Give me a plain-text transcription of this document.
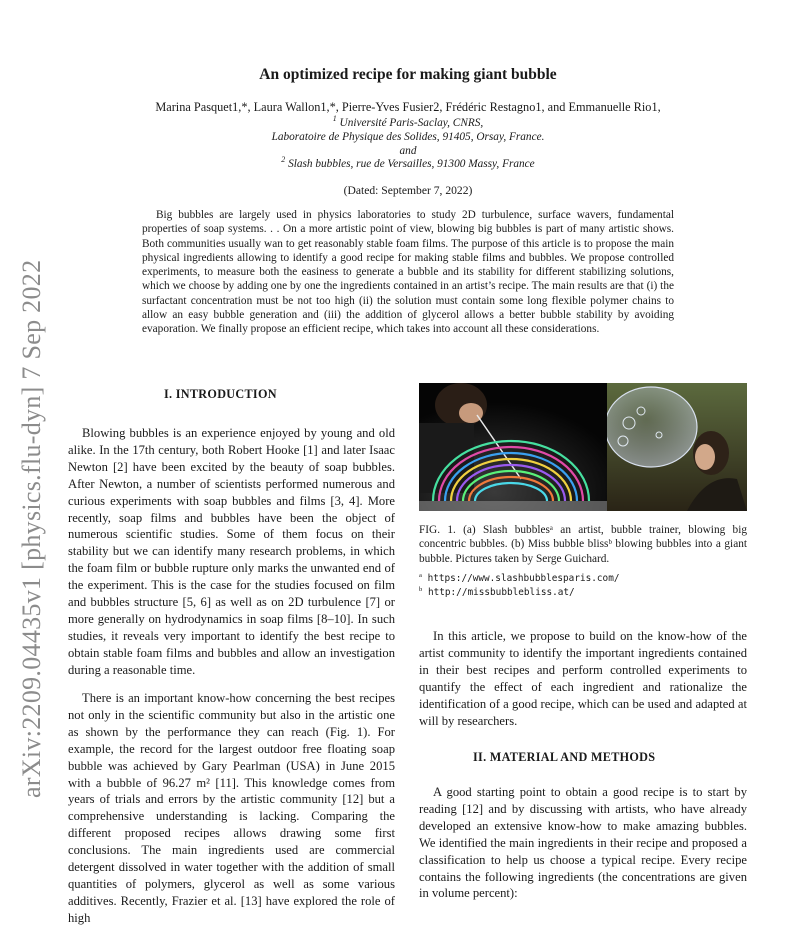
arXiv:2209.04435v1 [physics.flu-dyn] 7 Sep 2022
An optimized recipe for making giant bubble
Marina Pasquet1,*, Laura Wallon1,*, Pierre-Yves Fusier2, Frédéric Restagno1, and Emmanuelle Rio1,
$^1$ Université Paris-Saclay, CNRS,
Laboratoire de Physique des Solides, 91405, Orsay, France.
and
$^2$ Slash bubbles, rue de Versailles, 91300 Massy, France
(Dated: September 7, 2022)

Big bubbles are largely used in physics laboratories to study 2D turbulence, surface wavers, fundamental properties of soap systems. . . On a more artistic point of view, blowing big bubbles is part of many artistic shows. Both communities usually wan to get reasonably stable foam films. The purpose of this article is to propose the main physical ingredients allowing to identify a good recipe for making stable films and bubbles. We propose controlled experiments, to measure both the easiness to generate a bubble and its stability for different stabilizing solutions, which we choose by adding one by one the ingredients contained in an artist’s recipe. The main results are that (i) the surfactant concentration must be not too high (ii) the solution must contain some long flexible polymer chains to allow an easy bubble generation and (iii) the addition of glycerol allows a better bubble stability by avoiding evaporation. We finally propose an efficient recipe, which takes into account all these considerations.

I. INTRODUCTION

Blowing bubbles is an experience enjoyed by young and old alike. In the 17th century, both Robert Hooke [1] and later Isaac Newton [2] have been excited by the beauty of soap bubbles. After Newton, a number of scientists performed numerous and curious experiments with soap bubbles and films [3, 4]. More recently, soap films and bubbles have been the object of numerous scientific studies. Some of them focus on their stability but we can identify many research problems, in which the foam film or bubble rupture only marks the unwanted end of the experiment. This is the case for the studies focused on film and bubbles structure [5, 6] as well as on 2D turbulence [7] or more generally on hydrodynamics in soap films [8–10]. In such studies, it reveals very important to identify the best recipe to obtain stable foam films and bubbles and allow an investigation during a reasonable time.

There is an important know-how concerning the best recipes not only in the scientific community but also in the artistic one as shown by the performance they can reach (Fig. 1). For example, the record for the largest outdoor free floating soap bubble was achieved by Gary Pearlman (USA) in June 2015 with a bubble of 96.27 m² [11]. This knowledge comes from years of trials and errors by the artistic community [12] but a comprehensive understanding is lacking. Comparing the different proposed recipes allows drawing some first conclusions. The main ingredients used are commercial detergent dissolved in water together with the addition of small quantities of polymers, glycerol as well as some various additives. Recently, Frazier et al. [13] have explored the role of high

FIG. 1. (a) Slash bubblesᵃ an artist, bubble trainer, blowing big concentric bubbles. (b) Miss bubble blissᵇ blowing bubbles into a giant bubble. Pictures taken by Serge Guichard.

$^a$ https://www.slashbubblesparis.com/
$^b$ http://missbubblebliss.at/

In this article, we propose to build on the know-how of the artist community to identify the important ingredients contained in their best recipes and perform controlled experiments to quantify the effect of each ingredient and rationalize the identification of a good recipe, which can be used and adapted at will by researchers.

II. MATERIAL AND METHODS

A good starting point to obtain a good recipe is to start by reading [12] and by discussing with artists, who have already developed an extensive know-how to make amazing bubbles. We identified the main ingredients in their recipe and proposed a classification to help us choose a typical recipe. Every recipe contains the following ingredients (the concentrations are given in volume percent):
